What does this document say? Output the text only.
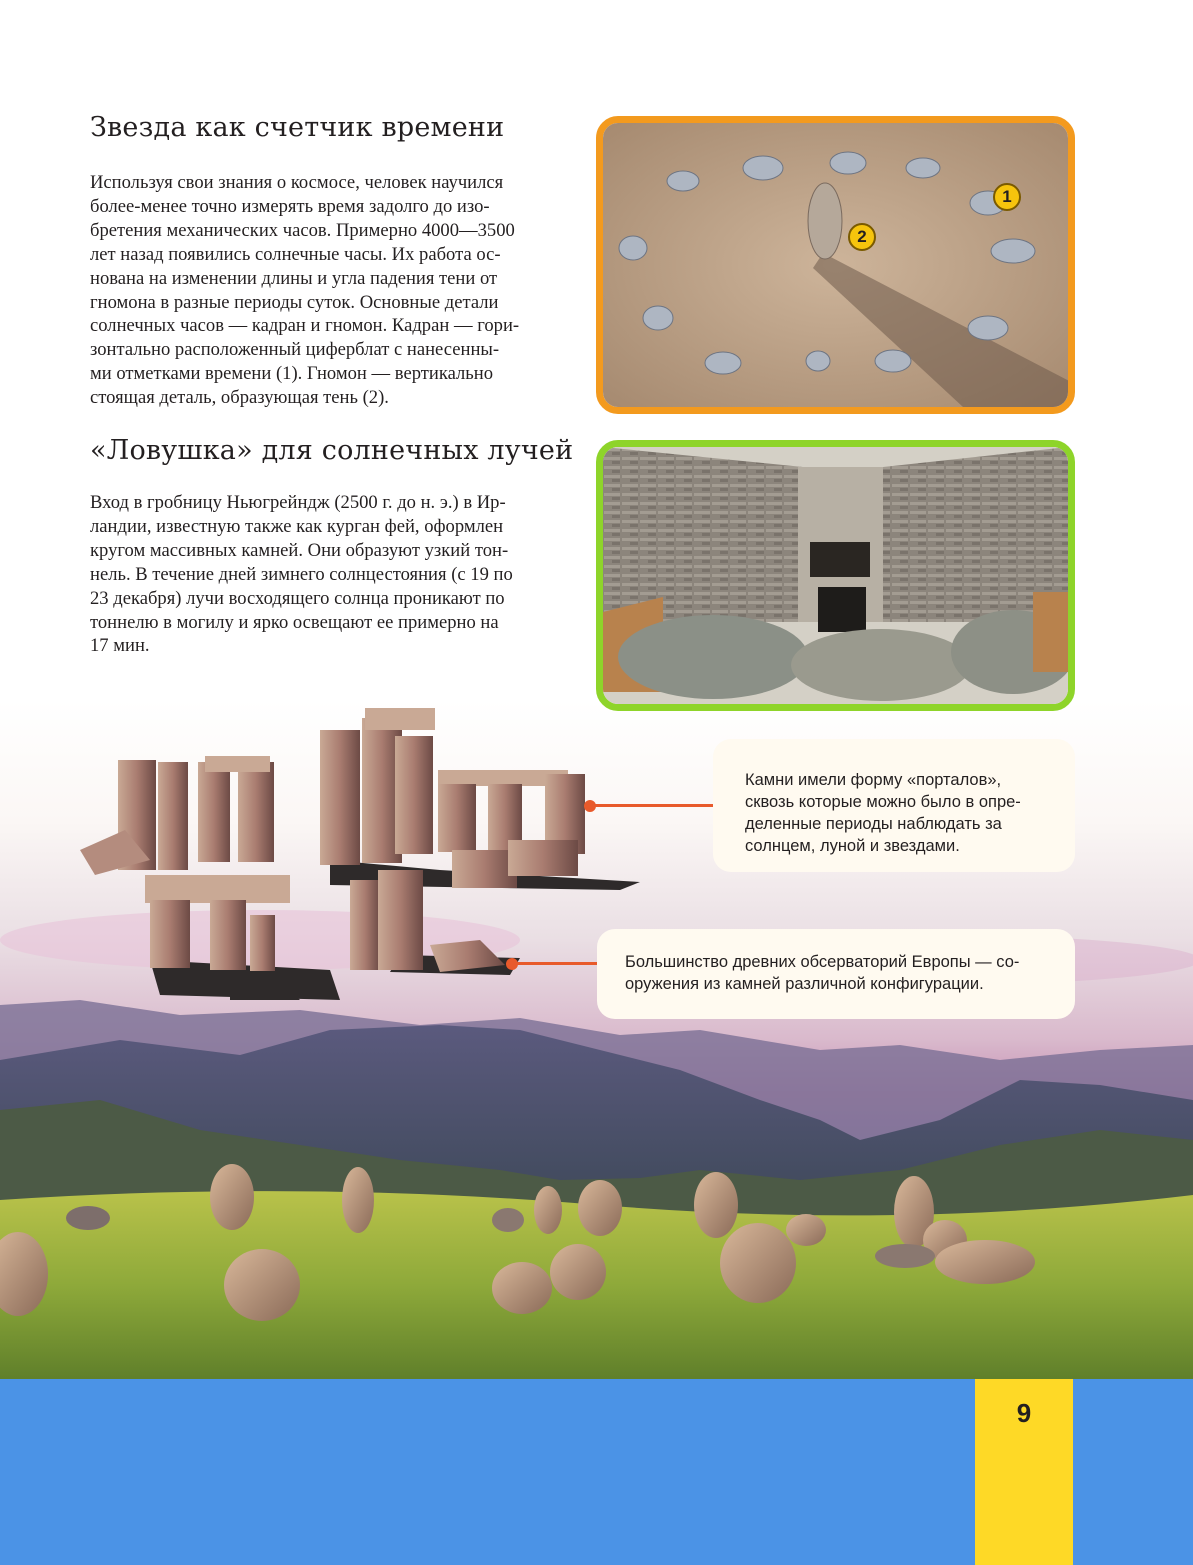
Звезда как счетчик времени
Используя свои знания о космосе, человек научился
более-менее точно измерять время задолго до изо-
бретения механических часов. Примерно 4000—3500
лет назад появились солнечные часы. Их работа ос-
нована на изменении длины и угла падения тени от
гномона в разные периоды суток. Основные детали
солнечных часов — кадран и гномон. Кадран — гори-
зонтально расположенный циферблат с нанесенны-
ми отметками времени (1). Гномон — вертикально
стоящая деталь, образующая тень (2).
1
2
«Ловушка» для солнечных лучей
Вход в гробницу Ньюгрейндж (2500 г. до н. э.) в Ир-
ландии, известную также как курган фей, оформлен
кругом массивных камней. Они образуют узкий тон-
нель. В течение дней зимнего солнцестояния (с 19 по
23 декабря) лучи восходящего солнца проникают по
тоннелю в могилу и ярко освещают ее примерно на
17 мин.
Камни имели форму «порталов»,
сквозь которые можно было в опре-
деленные периоды наблюдать за
солнцем, луной и звездами.
Большинство древних обсерваторий Европы — со-
оружения из камней различной конфигурации.
9
